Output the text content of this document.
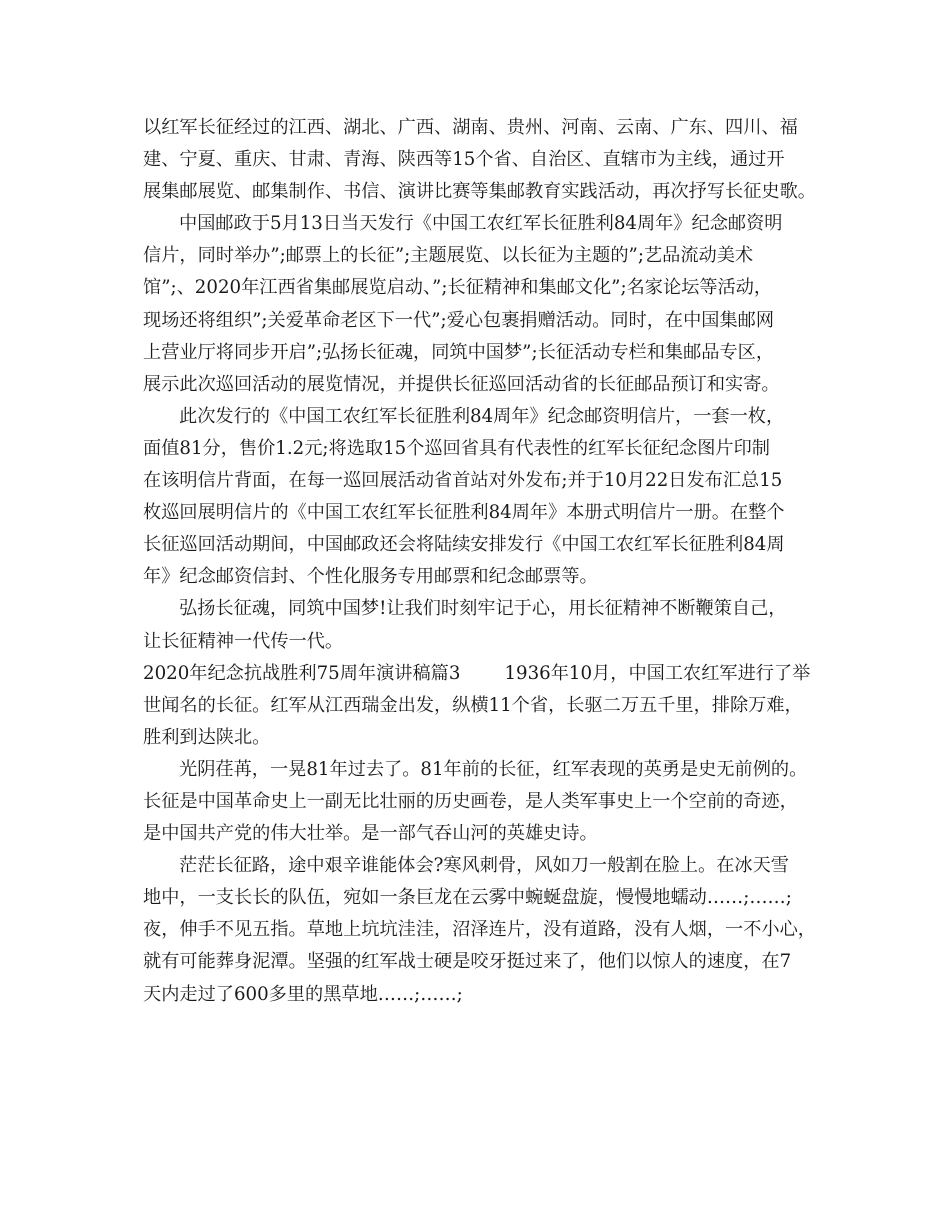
以红军长征经过的江西、湖北、广西、湖南、贵州、河南、云南、广东、四川、福
建、宁夏、重庆、甘肃、青海、陕西等15个省、自治区、直辖市为主线，通过开
展集邮展览、邮集制作、书信、演讲比赛等集邮教育实践活动，再次抒写长征史歌。
中国邮政于5月13日当天发行《中国工农红军长征胜利84周年》纪念邮资明
信片，同时举办”;邮票上的长征”;主题展览、以长征为主题的”;艺品流动美术
馆”;、2020年江西省集邮展览启动、”;长征精神和集邮文化”;名家论坛等活动，
现场还将组织”;关爱革命老区下一代”;爱心包裹捐赠活动。同时，在中国集邮网
上营业厅将同步开启”;弘扬长征魂，同筑中国梦”;长征活动专栏和集邮品专区，
展示此次巡回活动的展览情况，并提供长征巡回活动省的长征邮品预订和实寄。
此次发行的《中国工农红军长征胜利84周年》纪念邮资明信片，一套一枚，
面值81分，售价1.2元;将选取15个巡回省具有代表性的红军长征纪念图片印制
在该明信片背面，在每一巡回展活动省首站对外发布;并于10月22日发布汇总15
枚巡回展明信片的《中国工农红军长征胜利84周年》本册式明信片一册。在整个
长征巡回活动期间，中国邮政还会将陆续安排发行《中国工农红军长征胜利84周
年》纪念邮资信封、个性化服务专用邮票和纪念邮票等。
弘扬长征魂，同筑中国梦!让我们时刻牢记于心，用长征精神不断鞭策自己，
让长征精神一代传一代。
2020年纪念抗战胜利75周年演讲稿篇3 1936年10月，中国工农红军进行了举
世闻名的长征。红军从江西瑞金出发，纵横11个省，长驱二万五千里，排除万难，
胜利到达陕北。
光阴荏苒，一晃81年过去了。81年前的长征，红军表现的英勇是史无前例的。
长征是中国革命史上一副无比壮丽的历史画卷，是人类军事史上一个空前的奇迹，
是中国共产党的伟大壮举。是一部气吞山河的英雄史诗。
茫茫长征路，途中艰辛谁能体会?寒风刺骨，风如刀一般割在脸上。在冰天雪
地中，一支长长的队伍，宛如一条巨龙在云雾中蜿蜒盘旋，慢慢地蠕动……;……;
夜，伸手不见五指。草地上坑坑洼洼，沼泽连片，没有道路，没有人烟，一不小心，
就有可能葬身泥潭。坚强的红军战士硬是咬牙挺过来了，他们以惊人的速度，在7
天内走过了600多里的黑草地……;……;
